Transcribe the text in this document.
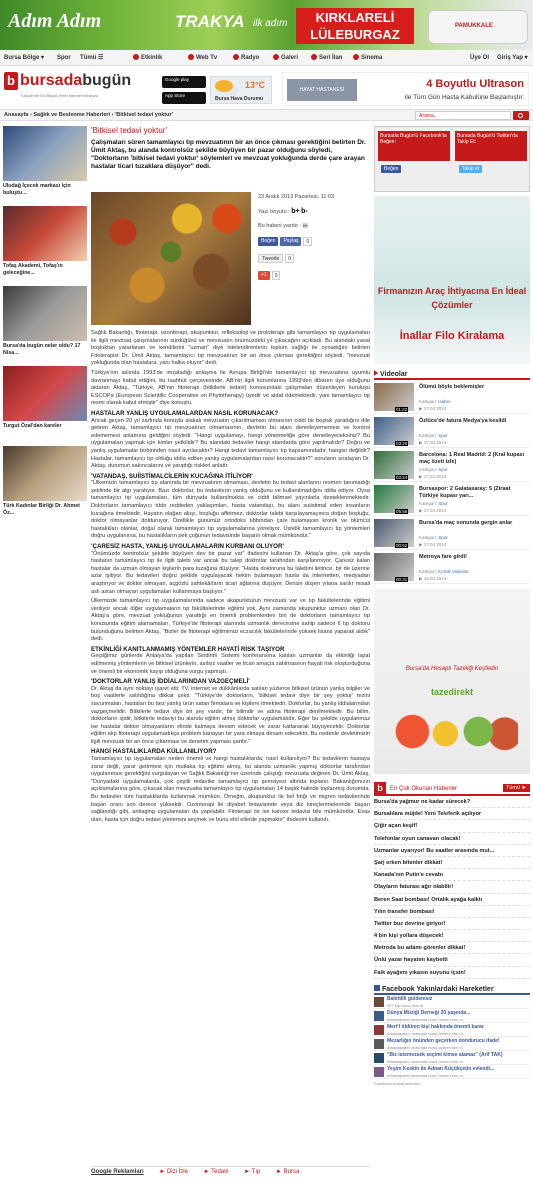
Adım Adım	TRAKYA ilk adım	KIRKLARELİ
LÜLEBURGAZ
PAMUKKALE
Bursa Bölge ▾ Spor Tümü ☰	Etkinlik	Web Tv	Radyo	Galeri	Seri İlan	Sinema	Üye Ol Giriş Yap ▾
b bursadabugün
Türkiye'nin En Büyük Yerel İnternet Medyası
Google play
App Store
13°C
Bursa Hava Durumu
HAYAT HASTANESİ	4 Boyutlu Ultrason
ile Tüm Gün Hasta Kabulüne Başlamıştır.
Anasayfa › Sağlık ve Beslenme Haberleri › 'Bitkisel tedavi yoktur'	Arama..
Uludağ İçecek markası için buluştu...
Tofaş Akademi, Tofaş'ın geleceğine...
Bursa'da bugün neler oldu? 17 Nisa...
Turgut Özal'dan kareler
Türk Kadınlar Birliği Dr. Ahmet Öz...
'Bitkisel tedavi yoktur'
Çalışmaları süren tamamlayıcı tıp mevzuatının bir an önce çıkması gerektiğini belirten Dr. Ümit Aktaş, bu alanda kontrolsüz şekilde büyüyen bir pazar olduğunu söyledi, "Doktorların 'bitkisel tedavi yoktur' söylemleri ve mevzuat yokluğunda derde çare arayan hastalar ticari tuzaklara düşüyor" dedi.
23 Aralık 2013 Pazartesi, 11:03
Yazı boyutu : b+ b-
Bu haberi yazdır : ▤
Beğen Paylaş 0
Tweetle 0
+1 0

Sağlık Bakanlığı, fitoterapi, ozonterapi, akupunktur, refleksoloji ve proloterapi gibi tamamlayıcı tıp uygulamaları ile ilgili mevzuat çalışmalarının sürdüğünü ve mevzuatın önümüzdeki yıl çıkacağını açıkladı. Bu alandaki yasal boşluktan yararlanan ve kendilerini "uzman" diye nitelendirenlerin toplum sağlığı ile oynadığını belirten Fitoterapist Dr. Ümit Aktaş, tamamlayıcı tıp mevzuatının bir an önce çıkması gerektiğini söyledi, "mevzuat yokluğunda olan hastalara, yanı halka oluyor" dedi.

Türkiye'nin aslında 1993'de imzaladığı anlaşma ile Avrupa Birliği'nin tamamlayıcı tıp mevzuatına uyumlu davranmayı kabul ettiğini, bu taahhüt çerçevesinde, AB'nin ilgili kurumlarına 1993'den itibaren üye olduğunu aktaran Aktaş, "Türkiye, AB'nin fitoterapi (bitkilerle tedavi) konusundaki çalışmaları düzenleyen kuruluşu ESCOPa (European Scientific Cooperative on Phytotherapy) üyedir ve aidat ödemektedir, yani tamamlayıcı tıp resmi olarak kabul etmiştir" diye konuştu.

HASTALAR YANLIŞ UYGULAMALARDAN NASIL KORUNACAK?

Ancak geçen 20 yıl zarfında konuyla alakalı mevzuatın çıkarılmaması olmasının ciddi bir boşluk yarattığını dile getiren Aktaş, tamamlayıcı tıp mevzuatının olmamasının, devletin bu alanı denetleyememesi ve kontrol edememesi anlamına geldiğini söyledi. "Hangi uygulamayı, hangi yönetmeliğe göre denetleyeceksiniz? Bu uygulamaları yapmak için kimler yetkilidir? Bu alandaki tedaviler hangi standarda göre yapılmalıdır? Doğru ve yanlış uygulamalar birbirinden nasıl ayrılacaktır? Hangi tedavi tamamlayıcı tıp kapsamındadır, hangisi değildir? Hastalar, tamamlayıcı tıp olduğu iddia edilen yanlış uygulamalardan nasıl korunacaktır?" soruların sıralayan Dr. Aktaş, durumun sakıncalarını ve yarattığı riskleri anlattı:

'VATANDAŞ, SUİİSTİMALCİLERİN KUCAĞINA İTİLİYOR'

"Ülkemizin tamamlayıcı tıp alanında bir mevzuatının olmaması, devletin bu tedavi alanlarını resmen tanımadığı şeklinde bir algı yaratıyor. Bazı doktorlar, bu tedavilerin yanlış olduğunu ve kullanılmadığını iddia ediyor. Oysa tamamlayıcı tıp uygulamaları, tüm dünyada kullanılmakta ve ciddi bilimsel yayınlarla desteklenmektedir. Doktorların tamamlayıcı tıbbı reddeden yaklaşımları, hasta vatandaşı, bu alanı suiistimal eden insanların kucağına itmektedir. Hayatın olağan akışı, boşluğu affetmez, doktorlar talebi karşılayamayınca doğan boşluğu, doktor olmayanlar dolduruyor. Özellikle günümüz ortodoks tıbbından çare bulamayan kronik ve ölümcül hastalıkları olanlar, doğal olarak tamamlayıcı tıp uygulamalarına yöneliyor. Üstelik tamamlayıcı tıp yöntemleri doğru uygulanırsa, bu hastalıkların pek çoğunun tedavisinde başarılı olmak mümkündür."

'ÇARESİZ HASTA, YANLIŞ UYGULAMALARIN KURBANI OLUYOR'

"Önümüzde kontrolsüz şekilde büyüyen dev bir pazar var" ifadesini kullanan Dr. Aktaş'a göre, çok sayıda hastanın tamamlayıcı tıp ile ilgili talebi var ancak bu talep doktorlar tarafından karşılanmıyor. Çaresiz kalan hastalar da uzman olmayan kişilerin para tuzağına düşüyor. "Hasta doktoruna bu talebini iletince, bir de üzerine azar işitiyor. Bu tedavileri doğru şekilde uygulayacak hekim bulamayan hasta da internetten, medyadan araştırıyor ve doktor olmayan, açgözlü sahtekârların ticari ağlarına düşüyor. Denize düşen yılana sarılır misali aslı astarı olmayan uygulamaları kullanmaya başlıyor."

Ülkemizde tamamlayıcı tıp uygulamalarında sadece akupunkturun mevzuatı var ve tıp fakültelerinde eğitimi veriliyor ancak diğer uygulamaların tıp fakültelerinde eğitimi yok. Aynı zamanda akupunktur uzmanı olan Dr. Aktaş'a göre, mevzuat yokluğunun yarattığı en önemli problemlerden biri de doktorların tamamlayıcı tıp konusunda eğitim alamamaları. Türkiye'de fitoterapi alanında uzmanlık derecesine sahip sadece 6 tıp doktoru bulunduğunu belirten Aktaş, "Bizler de fitoterapi eğitimimizi eczacılık fakültelerinde yüksek lisans yaparak aldık" dedi.

ETKİNLİĞİ KANITLANMAMIŞ YÖNTEMLER HAYATİ RİSK TAŞIYOR

Geçtiğimiz günlerde Antalya'da yapılan Sindirim Sistemi konferansına katılan uzmanlar da etkinliği ispat edilmemiş yöntemlerin ve bitkisel ürünlerin, asılsız vaatler ve ticari amaçla satılmasının hayati risk oluşturduğuna ve önemli bir ekonomik kayıp olduğuna vurgu yapmıştı.

'DOKTORLAR YANLIŞ İDDİALARINDAN VAZGEÇMELİ'

Dr. Aktaş da aynı noktayı işaret etti; TV, internet ve dükkânlarda satılan yüzlerce bitkisel ürünün yanlış bilgiler ve boş vaatlerle satıldığına dikkat çekti. "Türkiye'de doktorların, 'bitkisel tedavi diye bir şey yoktur' tezini savunmaları, hastaları bu tarz yanlış ürün satan firmalara ve kişilere itmektedir. Doktorlar, bu yanlış iddialarından vazgeçmelidir. Bitkilerle tedavi diye bir şey vardır, bir bilimdir ve adına fitoterapi denilmektedir. Bu bilim, doktorların işidir, bitkilerle tedaviyi bu alanda eğitim almış doktorlar uygulamalıdır. Eğer bu şekilde uygulanmaz ise hastalar doktor olmayanların elinde kalmaya devam edecek ve zarar katlanarak büyüyecektir. Doktorlar eğitim alıp fitoterapi uygulamadıkça problem kanayan bir yara olmaya devam edecektir. Bu nedenle devletimizin ilgili mevzuatı bir an önce çıkarması ve denetim yapması şarttır."

HANGİ HASTALIKLARDA KULLANILIYOR?

Tamamlayıcı tıp uygulamaları neden önemli ve hangi hastalıklarda, nasıl kullanılıyor? Bu tedavilerin hastaya zarar değil, yarar getirmesi için mutlaka tıp eğitimi almış, bu alanda uzmanlık yapmış doktorlar tarafından uygulanması gerektiğini vurgulayan ve Sağlık Bakanlığı'nın üzerinde çalıştığı mevzuata değinen Dr. Ümit Aktaş, "Dünyadaki uygulamalarda, çok çeşitli tedaviler tamamlayıcı tıp şemsiyesi altında toplanır. Bakanlığımızın açıklamalarına göre, çıkacak olan mevzuatta tamamlayıcı tıp uygulamaları 14 başlık halinde toplanmış durumda. Bu tedaviler tüm hastalıklarda kullanmak mümkün. Örneğin, akupunktur ile bel fıtığı ve migren tedavilerinde başarı oranı son derece yüksektir. Ozonterapi ile diyabet tedavisinde veya diz kireçlenmelerinde başarı sağlandığı gibi, antiaging uygulamaları da yapılabilir. Fitoterapi ile ise kanser tedavisi bile mümkündür. Esas olan, hasta için doğru tedavi yöntemini seçmek ve bunu ehil ellerde yapmaktır" ifadesini kullandı.

Google Reklamları	► Dizi İzle	► Tedavi	► Tıp	► Bursa
Bursada Bugün'ü Facebook'ta Beğen:
Bursada Bugün'ü Twitter'da Takip Et:
Beğen	Takip et
Firmanızın Araç İhtiyacına En İdeal Çözümler
İnallar Filo Kiralama
Videolar
01:22
Ölümü böyle beklemişler
Kategori: Haber
▶ 17.04.2014
03:20
Özlüce'de fatura Medya'ya kesildi
Kategori: Spor
▶ 17.04.2014
03:24
Barcelona: 1 Real Madrid: 2 (Kral kupası maç özeti izle)
Kategori: Spor
▶ 17.04.2014
05:56
Bursaspor: 2 Galatasaray: 5 (Ziraat Türkiye kupası yarı...
Kategori: Spor
▶ 17.04.2014
00:52
Bursa'da maç sonunda gergin anlar
Kategori: Spor
▶ 17.04.2014
00:31
Metroya fare girdi!
Kategori: Komik Videolar
▶ 16.04.2014
Bursa'da Hesaplı Tazeliği Keşfedin
tazedirekt
b	En Çok Okunan Haberler	Tümü ►
Bursa'da yağmur ne kadar sürecek?
Bursalılara müjde! Yeni Teleferik açılıyor
Çiğir açan keşif!
Telefonlar oyun canavarı olacak!
Uzmanlar uyarıyor! Bu saatler arasında mut...
Şarj erken bitenler dikkat!
Kanada'nın Putin'e cevabı
Olayların faturası ağır olabilir!
Beren Saat bombası! Ortalık ayağa kalktı
Yılın transfer bombası!
Twitter buz devrine giriyor!
4 bin kişi yollara düşecek!
Metroda bu adamı görenler dikkat!
Ünlü yazar hayatını kaybetti
Faik ayağımı yıkasın suyunu içsin!
Facebook Yakınlardaki Hareketler
Balettilli güldemsiz
207 kişi bunu önerdi.
Dünya Müziği Derneği 20 yaşında...
Arkadaşlarını arasında bunu öneren sen ol.
Mert'i öldüren kişi hakkında önemli karar
Arkadaşlarını arasında bunu öneren sen ol.
Mezarlığın önünden geçerken dondurucu ifade!
Arkadaşlarını arasında bunu öneren sen ol.
"Biz istemezsek seçimi kimse alamaz" (Arif TAK)
Arkadaşlarını arasında bunu öneren sen ol.
Yeşim Keskin ile Adnan Küçükçetin evlendi...
Arkadaşlarını arasında bunu öneren sen ol.
Facebook sosyal eklentisi
